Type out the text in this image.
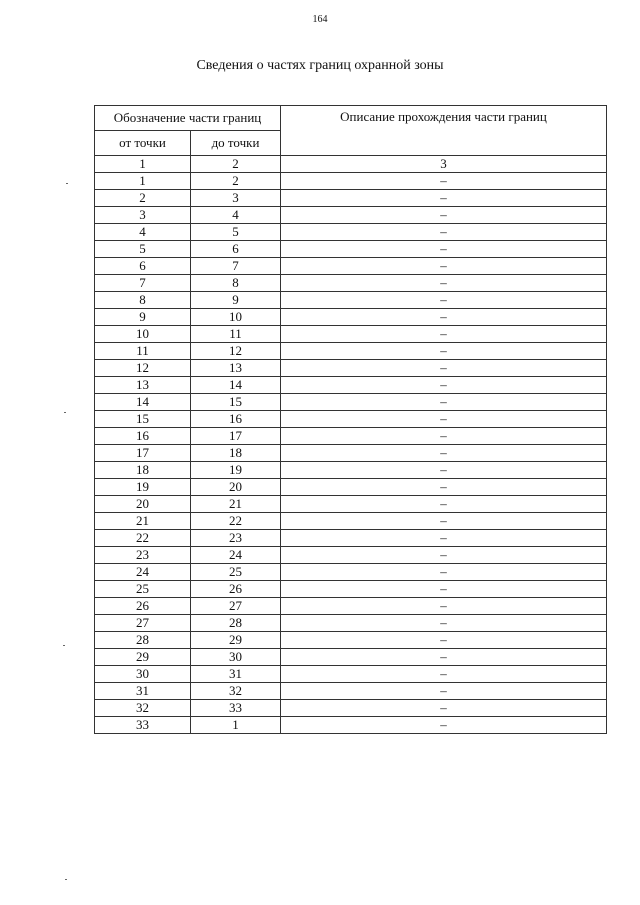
164
Сведения о частях границ охранной зоны
Обозначение части границ		Описание прохождения части границ
от точки	до точки	
1	2	3
1	2	–
2	3	–
3	4	–
4	5	–
5	6	–
6	7	–
7	8	–
8	9	–
9	10	–
10	11	–
11	12	–
12	13	–
13	14	–
14	15	–
15	16	–
16	17	–
17	18	–
18	19	–
19	20	–
20	21	–
21	22	–
22	23	–
23	24	–
24	25	–
25	26	–
26	27	–
27	28	–
28	29	–
29	30	–
30	31	–
31	32	–
32	33	–
33	1	–
